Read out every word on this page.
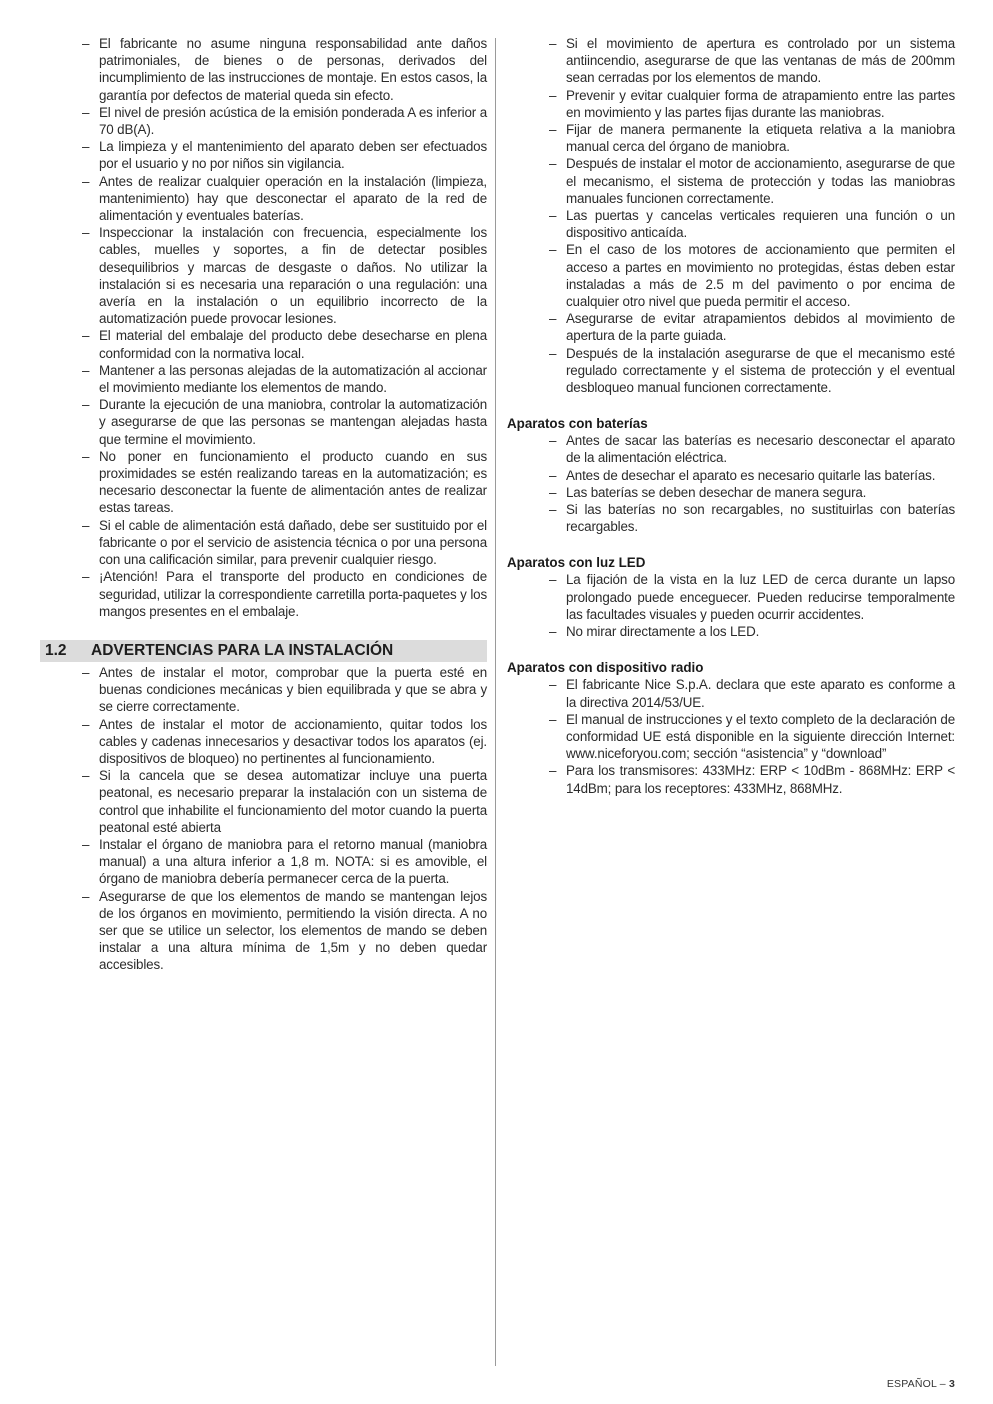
– El fabricante no asume ninguna responsabilidad ante daños patrimoniales, de bienes o de personas, derivados del incumplimiento de las instrucciones de montaje. En estos casos, la garantía por defectos de material queda sin efecto.
– El nivel de presión acústica de la emisión ponderada A es inferior a 70 dB(A).
– La limpieza y el mantenimiento del aparato deben ser efectuados por el usuario y no por niños sin vigilancia.
– Antes de realizar cualquier operación en la instalación (limpieza, mantenimiento) hay que desconectar el aparato de la red de alimentación y eventuales baterías.
– Inspeccionar la instalación con frecuencia, especialmente los cables, muelles y soportes, a fin de detectar posibles desequilibrios y marcas de desgaste o daños. No utilizar la instalación si es necesaria una reparación o una regulación: una avería en la instalación o un equilibrio incorrecto de la automatización puede provocar lesiones.
– El material del embalaje del producto debe desecharse en plena conformidad con la normativa local.
– Mantener a las personas alejadas de la automatización al accionar el movimiento mediante los elementos de mando.
– Durante la ejecución de una maniobra, controlar la automatización y asegurarse de que las personas se mantengan alejadas hasta que termine el movimiento.
– No poner en funcionamiento el producto cuando en sus proximidades se estén realizando tareas en la automatización; es necesario desconectar la fuente de alimentación antes de realizar estas tareas.
– Si el cable de alimentación está dañado, debe ser sustituido por el fabricante o por el servicio de asistencia técnica o por una persona con una calificación similar, para prevenir cualquier riesgo.
– ¡Atención! Para el transporte del producto en condiciones de seguridad, utilizar la correspondiente carretilla porta-paquetes y los mangos presentes en el embalaje.
1.2	ADVERTENCIAS PARA LA INSTALACIÓN
– Antes de instalar el motor, comprobar que la puerta esté en buenas condiciones mecánicas y bien equilibrada y que se abra y se cierre correctamente.
– Antes de instalar el motor de accionamiento, quitar todos los cables y cadenas innecesarios y desactivar todos los aparatos (ej. dispositivos de bloqueo) no pertinentes al funcionamiento.
– Si la cancela que se desea automatizar incluye una puerta peatonal, es necesario preparar la instalación con un sistema de control que inhabilite el funcionamiento del motor cuando la puerta peatonal esté abierta
– Instalar el órgano de maniobra para el retorno manual (maniobra manual) a una altura inferior a 1,8 m. NOTA: si es amovible, el órgano de maniobra debería permanecer cerca de la puerta.
– Asegurarse de que los elementos de mando se mantengan lejos de los órganos en movimiento, permitiendo la visión directa. A no ser que se utilice un selector, los elementos de mando se deben instalar a una altura mínima de 1,5m y no deben quedar accesibles.
– Si el movimiento de apertura es controlado por un sistema antiincendio, asegurarse de que las ventanas de más de 200mm sean cerradas por los elementos de mando.
– Prevenir y evitar cualquier forma de atrapamiento entre las partes en movimiento y las partes fijas durante las maniobras.
– Fijar de manera permanente la etiqueta relativa a la maniobra manual cerca del órgano de maniobra.
– Después de instalar el motor de accionamiento, asegurarse de que el mecanismo, el sistema de protección y todas las maniobras manuales funcionen correctamente.
– Las puertas y cancelas verticales requieren una función o un dispositivo anticaída.
– En el caso de los motores de accionamiento que permiten el acceso a partes en movimiento no protegidas, éstas deben estar instaladas a más de 2.5 m del pavimento o por encima de cualquier otro nivel que pueda permitir el acceso.
– Asegurarse de evitar atrapamientos debidos al movimiento de apertura de la parte guiada.
– Después de la instalación asegurarse de que el mecanismo esté regulado correctamente y el sistema de protección y el eventual desbloqueo manual funcionen correctamente.
Aparatos con baterías
– Antes de sacar las baterías es necesario desconectar el aparato de la alimentación eléctrica.
– Antes de desechar el aparato es necesario quitarle las baterías.
– Las baterías se deben desechar de manera segura.
– Si las baterías no son recargables, no sustituirlas con baterías recargables.
Aparatos con luz LED
– La fijación de la vista en la luz LED de cerca durante un lapso prolongado puede enceguecer. Pueden reducirse temporalmente las facultades visuales y pueden ocurrir accidentes.
– No mirar directamente a los LED.
Aparatos con dispositivo radio
– El fabricante Nice S.p.A. declara que este aparato es conforme a la directiva 2014/53/UE.
– El manual de instrucciones y el texto completo de la declaración de conformidad UE está disponible en la siguiente dirección Internet: www.niceforyou.com; sección “asistencia” y “download”
– Para los transmisores: 433MHz: ERP < 10dBm - 868MHz: ERP < 14dBm; para los receptores: 433MHz, 868MHz.
ESPAÑOL – 3
